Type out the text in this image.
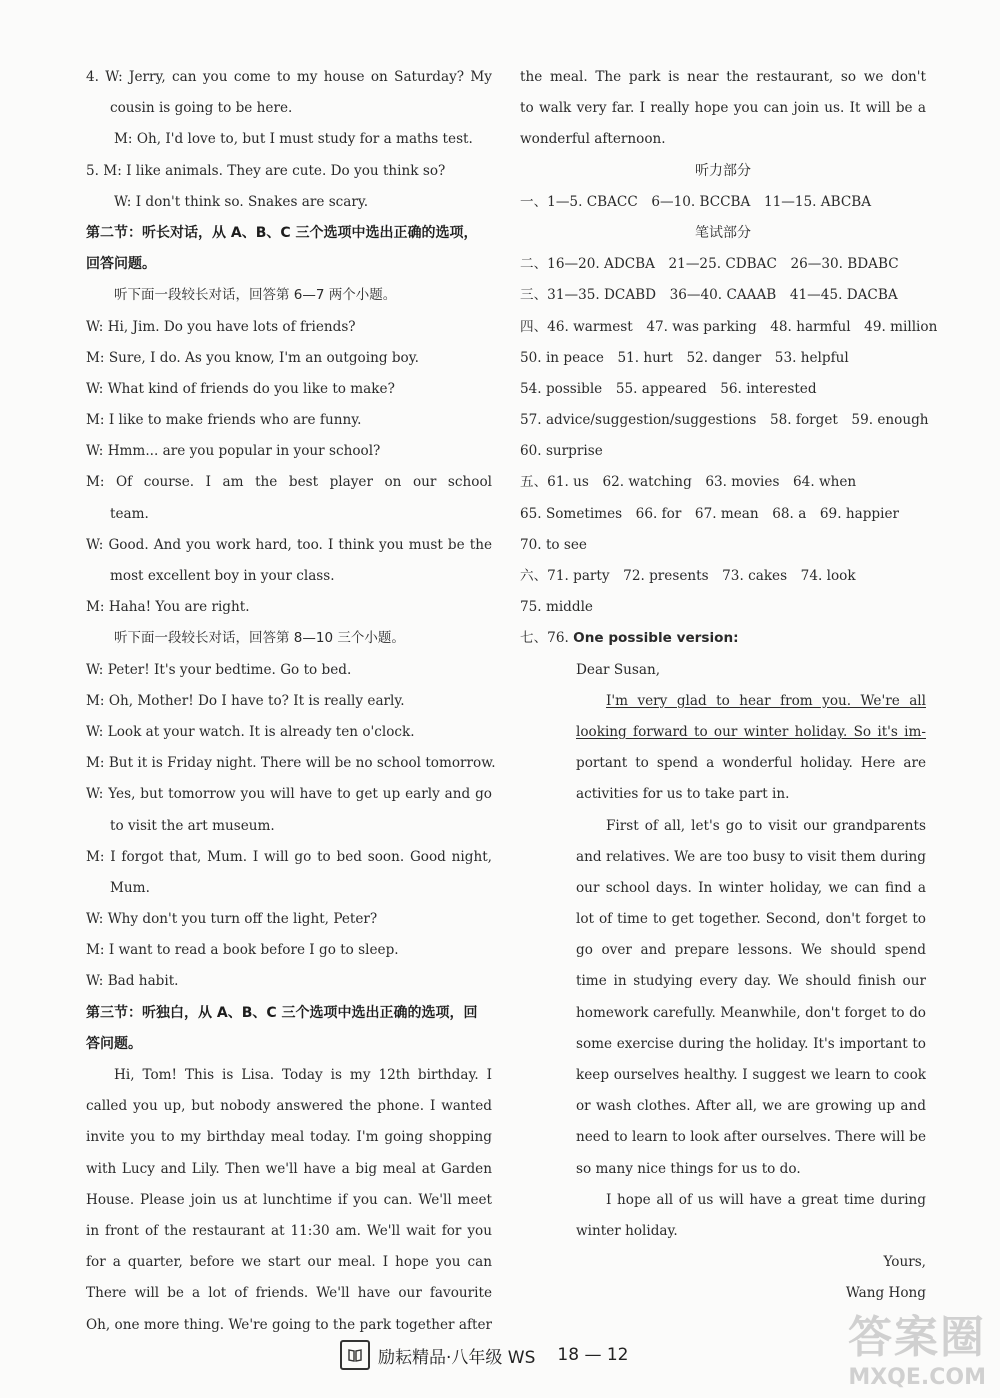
4. W: Jerry, can you come to my house on Saturday? My
cousin is going to be here.
M: Oh, I'd love to, but I must study for a maths test.
5. M: I like animals. They are cute. Do you think so?
W: I don't think so. Snakes are scary.
第二节：听长对话，从 A、B、C 三个选项中选出正确的选项，
回答问题。
听下面一段较长对话，回答第 6—7 两个小题。
W: Hi, Jim. Do you have lots of friends?
M: Sure, I do. As you know, I'm an outgoing boy.
W: What kind of friends do you like to make?
M: I like to make friends who are funny.
W: Hmm... are you popular in your school?
M: Of course. I am the best player on our school
team.
W: Good. And you work hard, too. I think you must be the
most excellent boy in your class.
M: Haha! You are right.
听下面一段较长对话，回答第 8—10 三个小题。
W: Peter! It's your bedtime. Go to bed.
M: Oh, Mother! Do I have to? It is really early.
W: Look at your watch. It is already ten o'clock.
M: But it is Friday night. There will be no school tomorrow.
W: Yes, but tomorrow you will have to get up early and go
to visit the art museum.
M: I forgot that, Mum. I will go to bed soon. Good night,
Mum.
W: Why don't you turn off the light, Peter?
M: I want to read a book before I go to sleep.
W: Bad habit.
第三节：听独白，从 A、B、C 三个选项中选出正确的选项，回
答问题。
Hi, Tom! This is Lisa. Today is my 12th birthday. I
called you up, but nobody answered the phone. I wanted
invite you to my birthday meal today. I'm going shopping
with Lucy and Lily. Then we'll have a big meal at Garden
House. Please join us at lunchtime if you can. We'll meet
in front of the restaurant at 11:30 am. We'll wait for you
for a quarter, before we start our meal. I hope you can
There will be a lot of friends. We'll have our favourite
Oh, one more thing. We're going to the park together after
the meal. The park is near the restaurant, so we don't
to walk very far. I really hope you can join us. It will be a
wonderful afternoon.
听力部分
一、1—5. CBACC　6—10. BCCBA　11—15. ABCBA
笔试部分
二、16—20. ADCBA　21—25. CDBAC　26—30. BDABC
三、31—35. DCABD　36—40. CAAAB　41—45. DACBA
四、46. warmest　47. was parking　48. harmful　49. million
50. in peace　51. hurt　52. danger　53. helpful
54. possible　55. appeared　56. interested
57. advice/suggestion/suggestions　58. forget　59. enough
60. surprise
五、61. us　62. watching　63. movies　64. when
65. Sometimes　66. for　67. mean　68. a　69. happier
70. to see
六、71. party　72. presents　73. cakes　74. look
75. middle
七、76. One possible version:
Dear Susan,
I'm very glad to hear from you. We're all
looking forward to our winter holiday. So it's im-
portant to spend a wonderful holiday. Here are
activities for us to take part in.
First of all, let's go to visit our grandparents
and relatives. We are too busy to visit them during
our school days. In winter holiday, we can find a
lot of time to get together. Second, don't forget to
go over and prepare lessons. We should spend
time in studying every day. We should finish our
homework carefully. Meanwhile, don't forget to do
some exercise during the holiday. It's important to
keep ourselves healthy. I suggest we learn to cook
or wash clothes. After all, we are growing up and
need to learn to look after ourselves. There will be
so many nice things for us to do.
I hope all of us will have a great time during
winter holiday.
Yours,
Wang Hong
励耘精品·八年级 WS 18 — 12	答案圈
MXQE.COM
